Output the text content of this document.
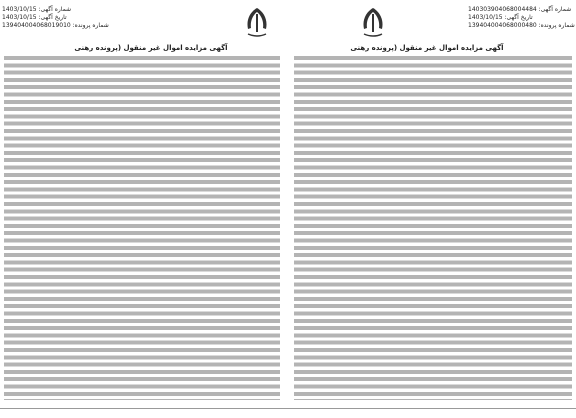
شماره آگهی: 1403/10/15
تاریخ آگهی: 1403/10/15
شماره پرونده: 139404004068019010
شماره آگهی: 140303904068004484
تاریخ آگهی: 1403/10/15
شماره پرونده: 139404004068000480
آگهی مزایده اموال غیر منقول (پرونده رهنی	آگهی مزایده اموال غیر منقول (پرونده رهنی
